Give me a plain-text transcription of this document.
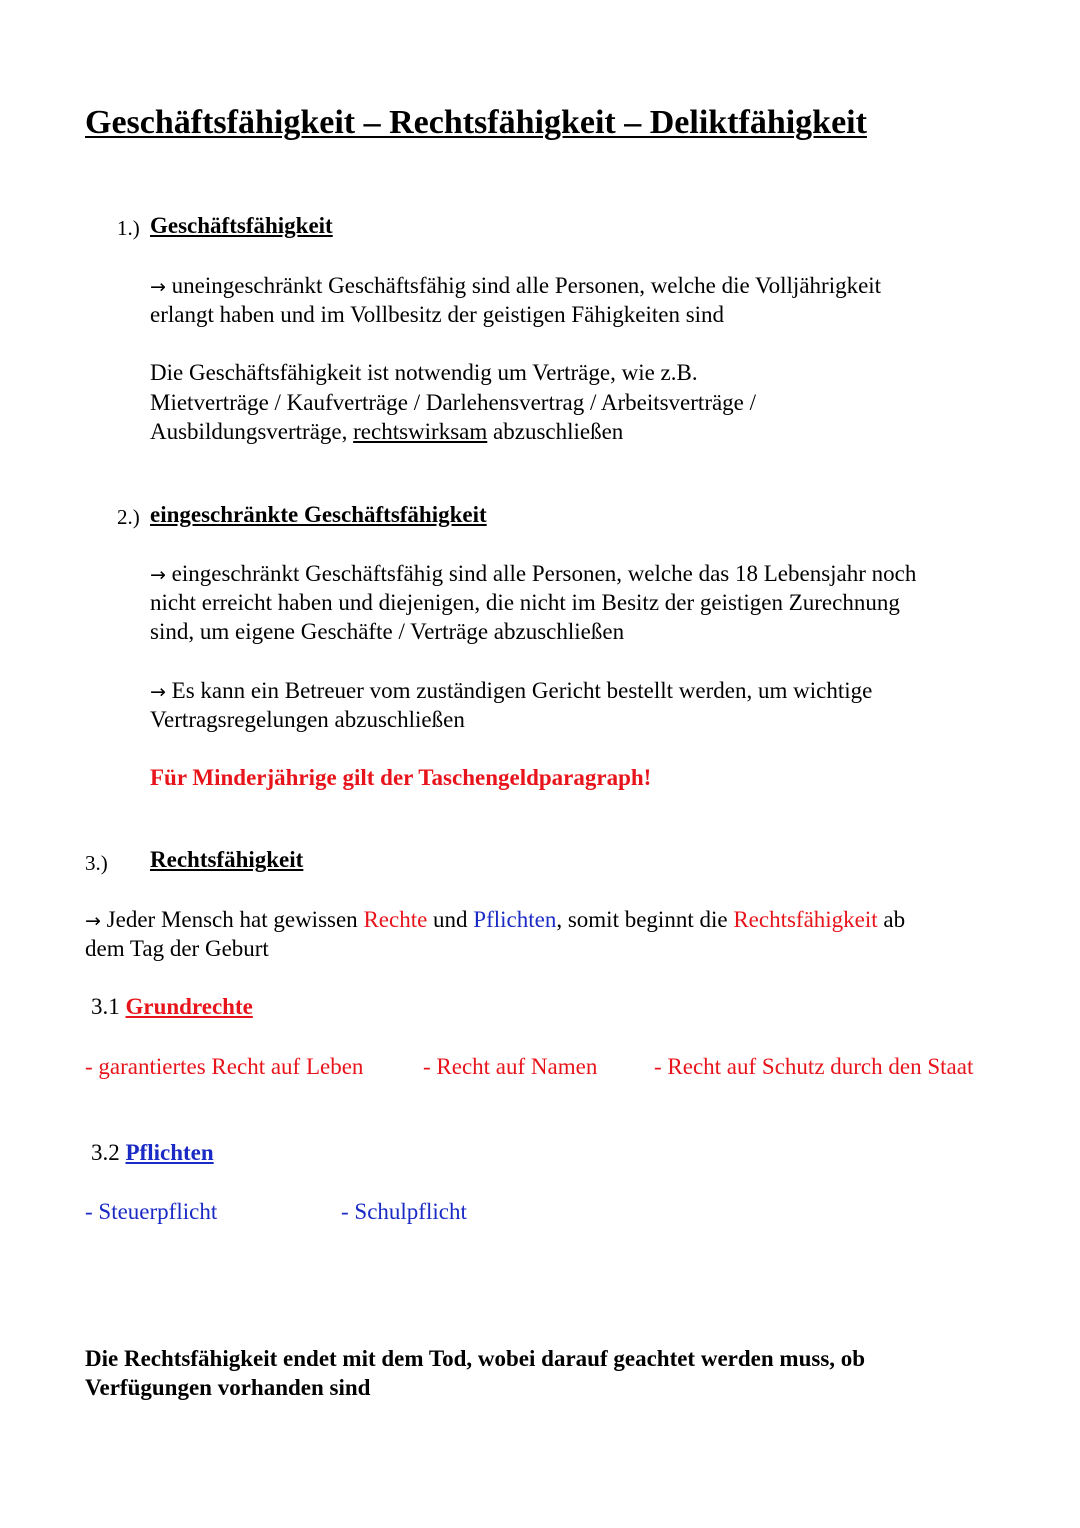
Geschäftsfähigkeit – Rechtsfähigkeit – Deliktfähigkeit
1.) Geschäftsfähigkeit
→ uneingeschränkt Geschäftsfähig sind alle Personen, welche die Volljährigkeit
erlangt haben und im Vollbesitz der geistigen Fähigkeiten sind
Die Geschäftsfähigkeit ist notwendig um Verträge, wie z.B.
Mietverträge / Kaufverträge / Darlehensvertrag / Arbeitsverträge /
Ausbildungsverträge, rechtswirksam abzuschließen
2.) eingeschränkte Geschäftsfähigkeit
→ eingeschränkt Geschäftsfähig sind alle Personen, welche das 18 Lebensjahr noch
nicht erreicht haben und diejenigen, die nicht im Besitz der geistigen Zurechnung
sind, um eigene Geschäfte / Verträge abzuschließen
→ Es kann ein Betreuer vom zuständigen Gericht bestellt werden, um wichtige
Vertragsregelungen abzuschließen
Für Minderjährige gilt der Taschengeldparagraph!
3.) Rechtsfähigkeit
→ Jeder Mensch hat gewissen Rechte und Pflichten, somit beginnt die Rechtsfähigkeit ab
dem Tag der Geburt
3.1 Grundrechte
- garantiertes Recht auf Leben	- Recht auf Namen - Recht auf Schutz durch den Staat
3.2 Pflichten
- Steuerpflicht	- Schulpflicht
Die Rechtsfähigkeit endet mit dem Tod, wobei darauf geachtet werden muss, ob
Verfügungen vorhanden sind
